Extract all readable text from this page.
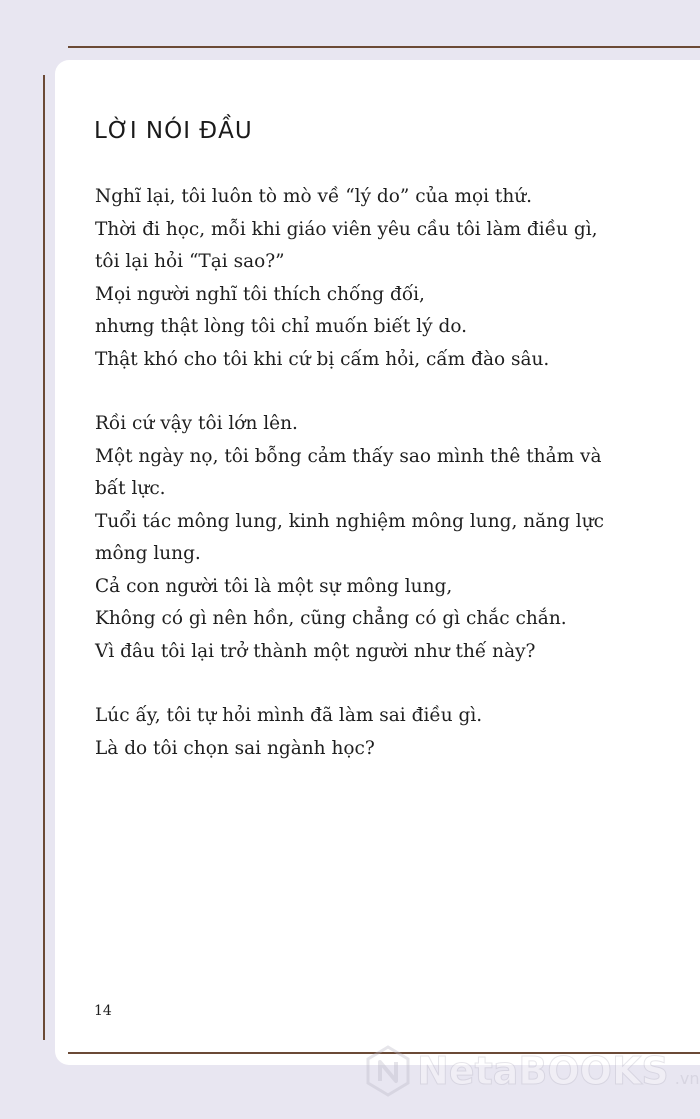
LỜI NÓI ĐẦU

Nghĩ lại, tôi luôn tò mò về “lý do” của mọi thứ.
Thời đi học, mỗi khi giáo viên yêu cầu tôi làm điều gì,
tôi lại hỏi “Tại sao?”
Mọi người nghĩ tôi thích chống đối,
nhưng thật lòng tôi chỉ muốn biết lý do.
Thật khó cho tôi khi cứ bị cấm hỏi, cấm đào sâu.

Rồi cứ vậy tôi lớn lên.
Một ngày nọ, tôi bỗng cảm thấy sao mình thê thảm và
bất lực.
Tuổi tác mông lung, kinh nghiệm mông lung, năng lực
mông lung.
Cả con người tôi là một sự mông lung,
Không có gì nên hồn, cũng chẳng có gì chắc chắn.
Vì đâu tôi lại trở thành một người như thế này?

Lúc ấy, tôi tự hỏi mình đã làm sai điều gì.
Là do tôi chọn sai ngành học?

14
NetaBOOKS .vn
